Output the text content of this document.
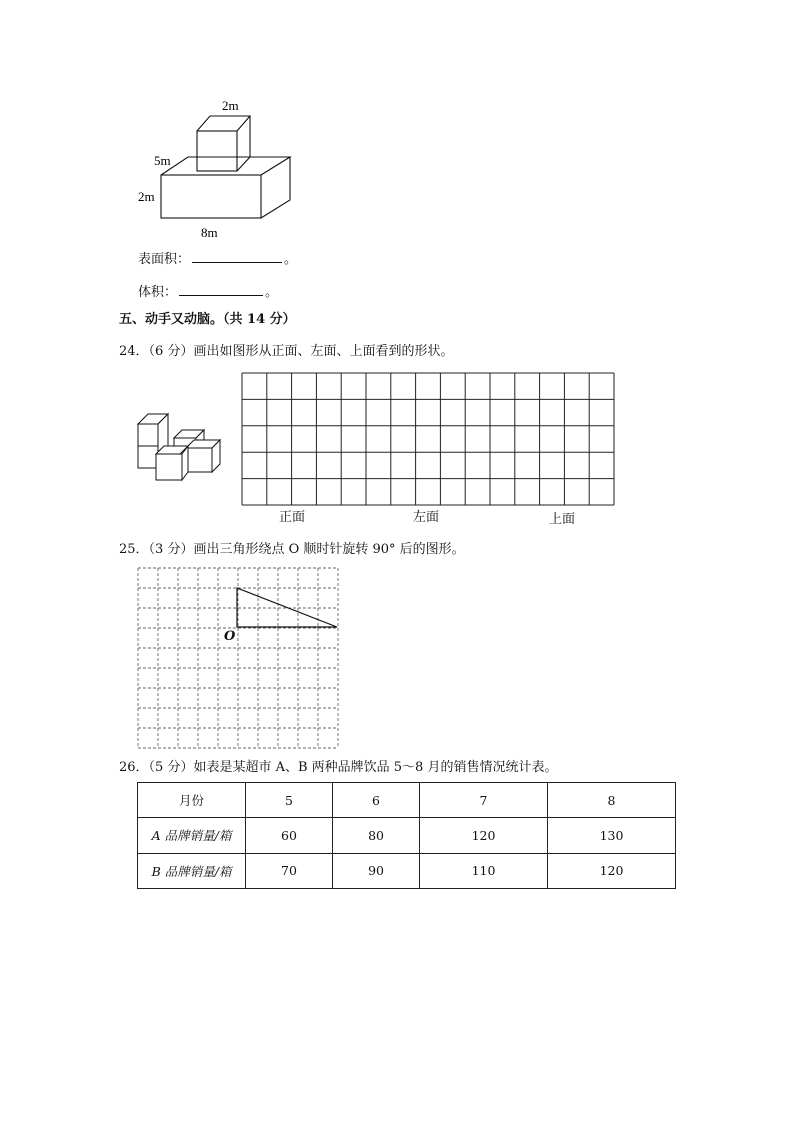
2m
5m
2m
8m
表面积：	。
体积：	。
五、动手又动脑。（共 14 分）
24．（6 分）画出如图形从正面、左面、上面看到的形状。
正面	左面	上面
25．（3 分）画出三角形绕点 O 顺时针旋转 90° 后的图形。
O
26．（5 分）如表是某超市 A、B 两种品牌饮品 5～8 月的销售情况统计表。
月份	5	6	7	8
A 品牌销量/箱	60	80	120	130
B 品牌销量/箱	70	90	110	120
